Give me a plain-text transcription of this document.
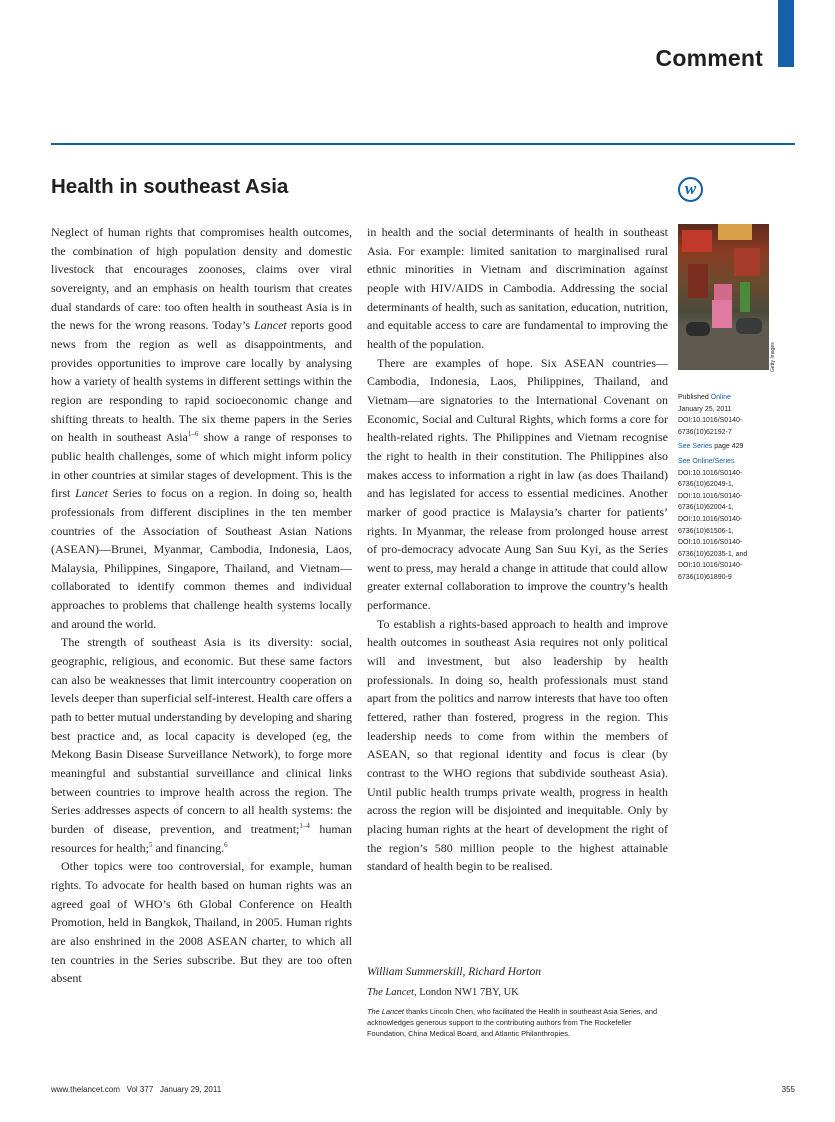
Comment
Health in southeast Asia	w
Getty Images
Published Online
January 25, 2011
DOI:10.1016/S0140-6736(10)62192-7
See Series page 429
See Online/Series
DOI:10.1016/S0140-6736(10)62049-1,
DOI:10.1016/S0140-6736(10)62004-1,
DOI:10.1016/S0140-6736(10)61506-1,
DOI:10.1016/S0140-6736(10)62035-1, and
DOI:10.1016/S0140-6736(10)61890-9

Neglect of human rights that compromises health outcomes, the combination of high population density and domestic livestock that encourages zoonoses, claims over viral sovereignty, and an emphasis on health tourism that creates dual standards of care: too often health in southeast Asia is in the news for the wrong reasons. Today’s Lancet reports good news from the region as well as disappointments, and provides opportunities to improve care locally by analysing how a variety of health systems in different settings within the region are responding to rapid socioeconomic change and shifting threats to health. The six theme papers in the Series on health in southeast Asia$^{1-6}$ show a range of responses to public health challenges, some of which might inform policy in other countries at similar stages of development. This is the first Lancet Series to focus on a region. In doing so, health professionals from different disciplines in the ten member countries of the Association of Southeast Asian Nations (ASEAN)—Brunei, Myanmar, Cambodia, Indonesia, Laos, Malaysia, Philippines, Singapore, Thailand, and Vietnam—collaborated to identify common themes and individual approaches to problems that challenge health systems locally and around the world.

The strength of southeast Asia is its diversity: social, geographic, religious, and economic. But these same factors can also be weaknesses that limit intercountry cooperation on levels deeper than superficial self-interest. Health care offers a path to better mutual understanding by developing and sharing best practice and, as local capacity is developed (eg, the Mekong Basin Disease Surveillance Network), to forge more meaningful and substantial surveillance and clinical links between countries to improve health across the region. The Series addresses aspects of concern to all health systems: the burden of disease, prevention, and treatment;$^{1-4}$ human resources for health;$^5$ and financing.$^6$

Other topics were too controversial, for example, human rights. To advocate for health based on human rights was an agreed goal of WHO’s 6th Global Conference on Health Promotion, held in Bangkok, Thailand, in 2005. Human rights are also enshrined in the 2008 ASEAN charter, to which all ten countries in the Series subscribe. But they are too often absent

in health and the social determinants of health in southeast Asia. For example: limited sanitation to marginalised rural ethnic minorities in Vietnam and discrimination against people with HIV/AIDS in Cambodia. Addressing the social determinants of health, such as sanitation, education, nutrition, and equitable access to care are fundamental to improving the health of the population.

There are examples of hope. Six ASEAN countries—Cambodia, Indonesia, Laos, Philippines, Thailand, and Vietnam—are signatories to the International Covenant on Economic, Social and Cultural Rights, which forms a core for health-related rights. The Philippines and Vietnam recognise the right to health in their constitution. The Philippines also makes access to information a right in law (as does Thailand) and has legislated for access to essential medicines. Another marker of good practice is Malaysia’s charter for patients’ rights. In Myanmar, the release from prolonged house arrest of pro-democracy advocate Aung San Suu Kyi, as the Series went to press, may herald a change in attitude that could allow greater external collaboration to improve the country’s health performance.

To establish a rights-based approach to health and improve health outcomes in southeast Asia requires not only political will and investment, but also leadership by health professionals. In doing so, health professionals must stand apart from the politics and narrow interests that have too often fettered, rather than fostered, progress in the region. This leadership needs to come from within the members of ASEAN, so that regional identity and focus is clear (by contrast to the WHO regions that subdivide southeast Asia). Until public health trumps private wealth, progress in health across the region will be disjointed and inequitable. Only by placing human rights at the heart of development the right of the region’s 580 million people to the highest attainable standard of health begin to be realised.

William Summerskill, Richard Horton
The Lancet, London NW1 7BY, UK
The Lancet thanks Lincoln Chen, who facilitated the Health in southeast Asia Series, and acknowledges generous support to the contributing authors from The Rockefeller Foundation, China Medical Board, and Atlantic Philanthropies.
www.thelancet.com   Vol 377   January 29, 2011	355
